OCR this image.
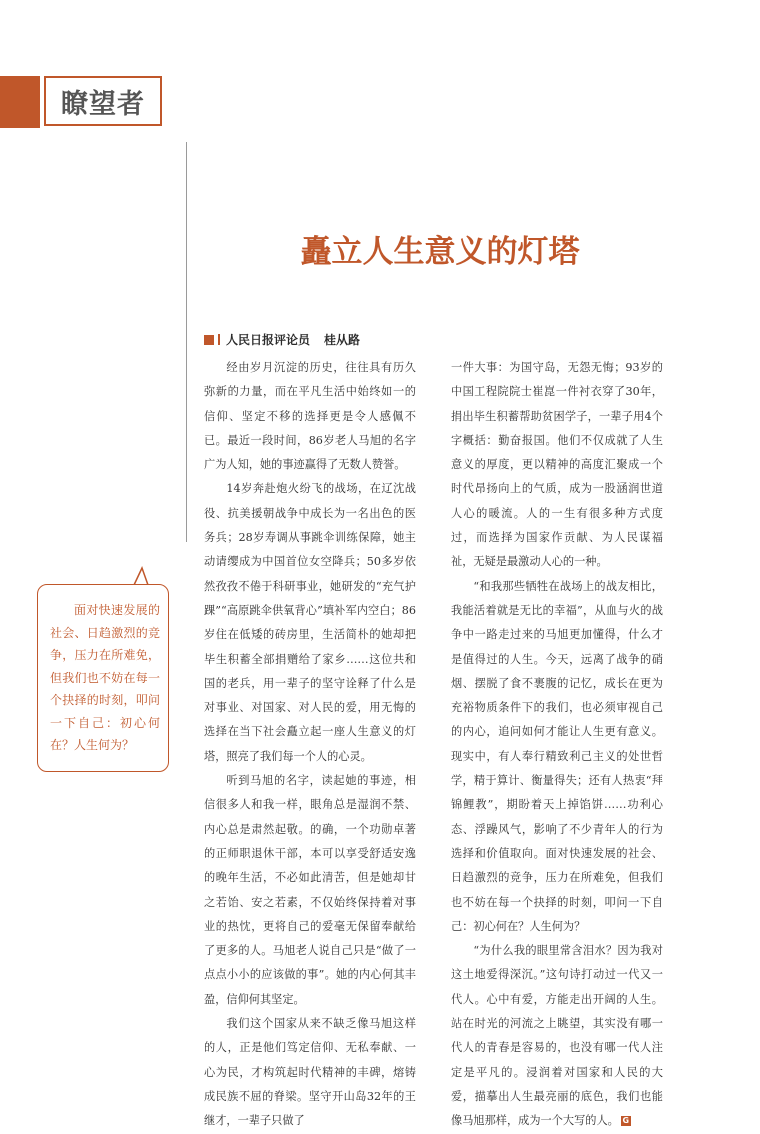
瞭望者
矗立人生意义的灯塔
人民日报评论员 桂从路

经由岁月沉淀的历史，往往具有历久弥新的力量，而在平凡生活中始终如一的信仰、坚定不移的选择更是令人感佩不已。最近一段时间，86岁老人马旭的名字广为人知，她的事迹赢得了无数人赞誉。

14岁奔赴炮火纷飞的战场，在辽沈战役、抗美援朝战争中成长为一名出色的医务兵；28岁寿调从事跳伞训练保障，她主动请缨成为中国首位女空降兵；50多岁依然孜孜不倦于科研事业，她研发的“充气护踝”“高原跳伞供氧背心”填补军内空白；86岁住在低矮的砖房里，生活简朴的她却把毕生积蓄全部捐赠给了家乡……这位共和国的老兵，用一辈子的坚守诠释了什么是对事业、对国家、对人民的爱，用无悔的选择在当下社会矗立起一座人生意义的灯塔，照亮了我们每一个人的心灵。

听到马旭的名字，读起她的事迹，相信很多人和我一样，眼角总是湿润不禁、内心总是肃然起敬。的确，一个功勋卓著的正师职退休干部，本可以享受舒适安逸的晚年生活，不必如此清苦，但是她却甘之若饴、安之若素，不仅始终保持着对事业的热忱，更将自己的爱毫无保留奉献给了更多的人。马旭老人说自己只是“做了一点点小小的应该做的事”。她的内心何其丰盈，信仰何其坚定。

我们这个国家从来不缺乏像马旭这样的人，正是他们笃定信仰、无私奉献、一心为民，才构筑起时代精神的丰碑，熔铸成民族不屈的脊梁。坚守开山岛32年的王继才，一辈子只做了

一件大事：为国守岛，无怨无悔；93岁的中国工程院院士崔崑一件衬衣穿了30年，捐出毕生积蓄帮助贫困学子，一辈子用4个字概括：勤奋报国。他们不仅成就了人生意义的厚度，更以精神的高度汇聚成一个时代昂扬向上的气质，成为一股涵润世道人心的暖流。人的一生有很多种方式度过，而选择为国家作贡献、为人民谋福祉，无疑是最激动人心的一种。

“和我那些牺牲在战场上的战友相比，我能活着就是无比的幸福”，从血与火的战争中一路走过来的马旭更加懂得，什么才是值得过的人生。今天，远离了战争的硝烟、摆脱了食不裹腹的记忆，成长在更为充裕物质条件下的我们，也必须审视自己的内心，追问如何才能让人生更有意义。现实中，有人奉行精致利己主义的处世哲学，精于算计、衡量得失；还有人热衷“拜锦鲤教”，期盼着天上掉馅饼……功利心态、浮躁风气，影响了不少青年人的行为选择和价值取向。面对快速发展的社会、日趋激烈的竞争，压力在所难免，但我们也不妨在每一个抉择的时刻，叩问一下自己：初心何在？人生何为？

“为什么我的眼里常含泪水？因为我对这土地爱得深沉。”这句诗打动过一代又一代人。心中有爱，方能走出开阔的人生。站在时光的河流之上眺望，其实没有哪一代人的青春是容易的，也没有哪一代人注定是平凡的。浸润着对国家和人民的大爱，描摹出人生最亮丽的底色，我们也能像马旭那样，成为一个大写的人。 G

面对快速发展的社会、日趋激烈的竞争，压力在所难免，但我们也不妨在每一个抉择的时刻，叩问一下自己：初心何在？人生何为？
